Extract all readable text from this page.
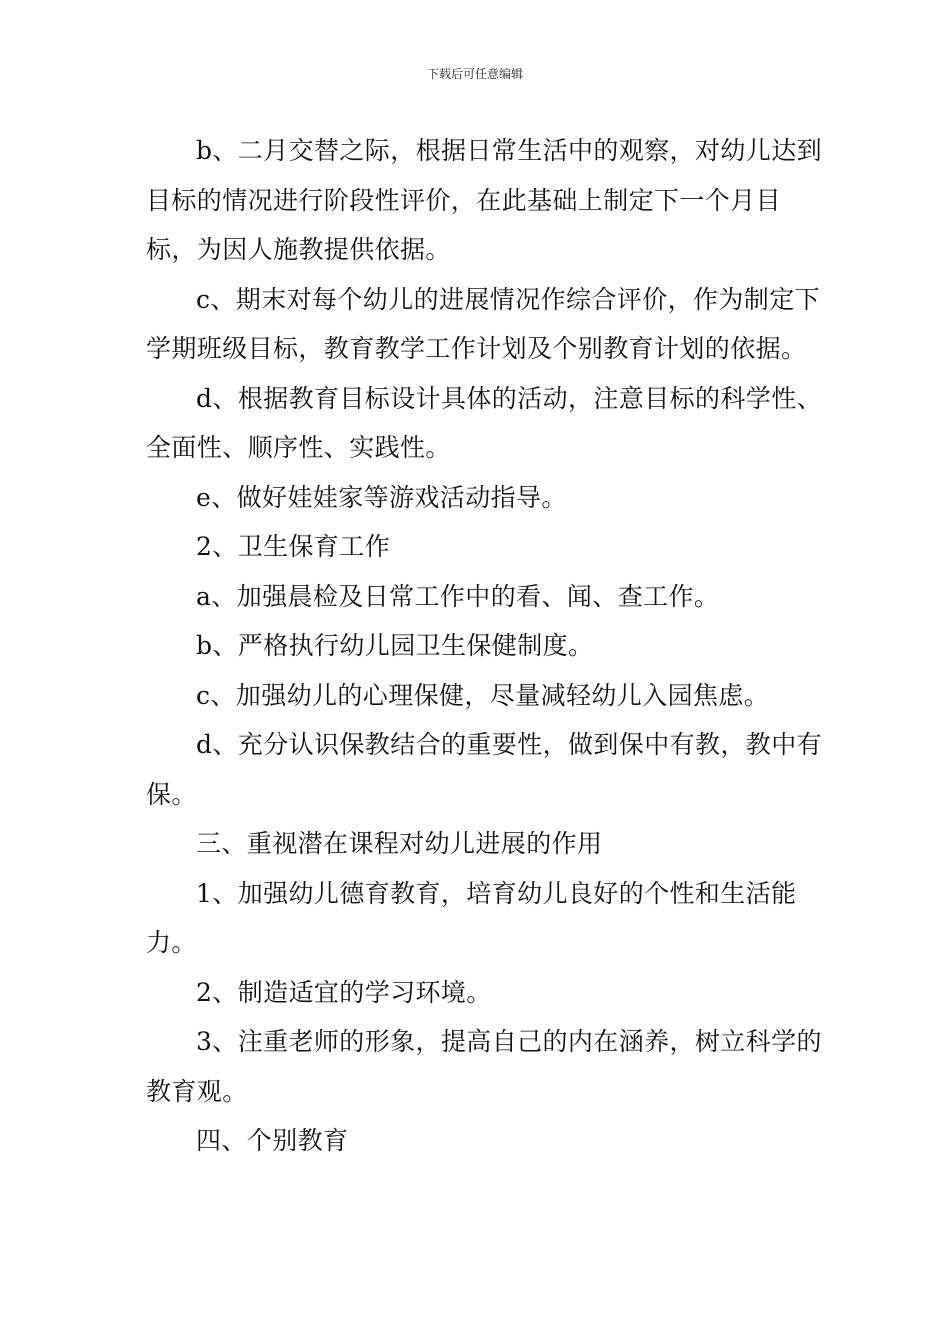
下载后可任意编辑

b、二月交替之际，根据日常生活中的观察，对幼儿达到目标的情况进行阶段性评价，在此基础上制定下一个月目标，为因人施教提供依据。

c、期末对每个幼儿的进展情况作综合评价，作为制定下学期班级目标，教育教学工作计划及个别教育计划的依据。

d、根据教育目标设计具体的活动，注意目标的科学性、全面性、顺序性、实践性。

e、做好娃娃家等游戏活动指导。

2、卫生保育工作

a、加强晨检及日常工作中的看、闻、查工作。

b、严格执行幼儿园卫生保健制度。

c、加强幼儿的心理保健，尽量减轻幼儿入园焦虑。

d、充分认识保教结合的重要性，做到保中有教，教中有保。

三、重视潜在课程对幼儿进展的作用

1、加强幼儿德育教育，培育幼儿良好的个性和生活能力。

2、制造适宜的学习环境。

3、注重老师的形象，提高自己的内在涵养，树立科学的教育观。

四、个别教育
